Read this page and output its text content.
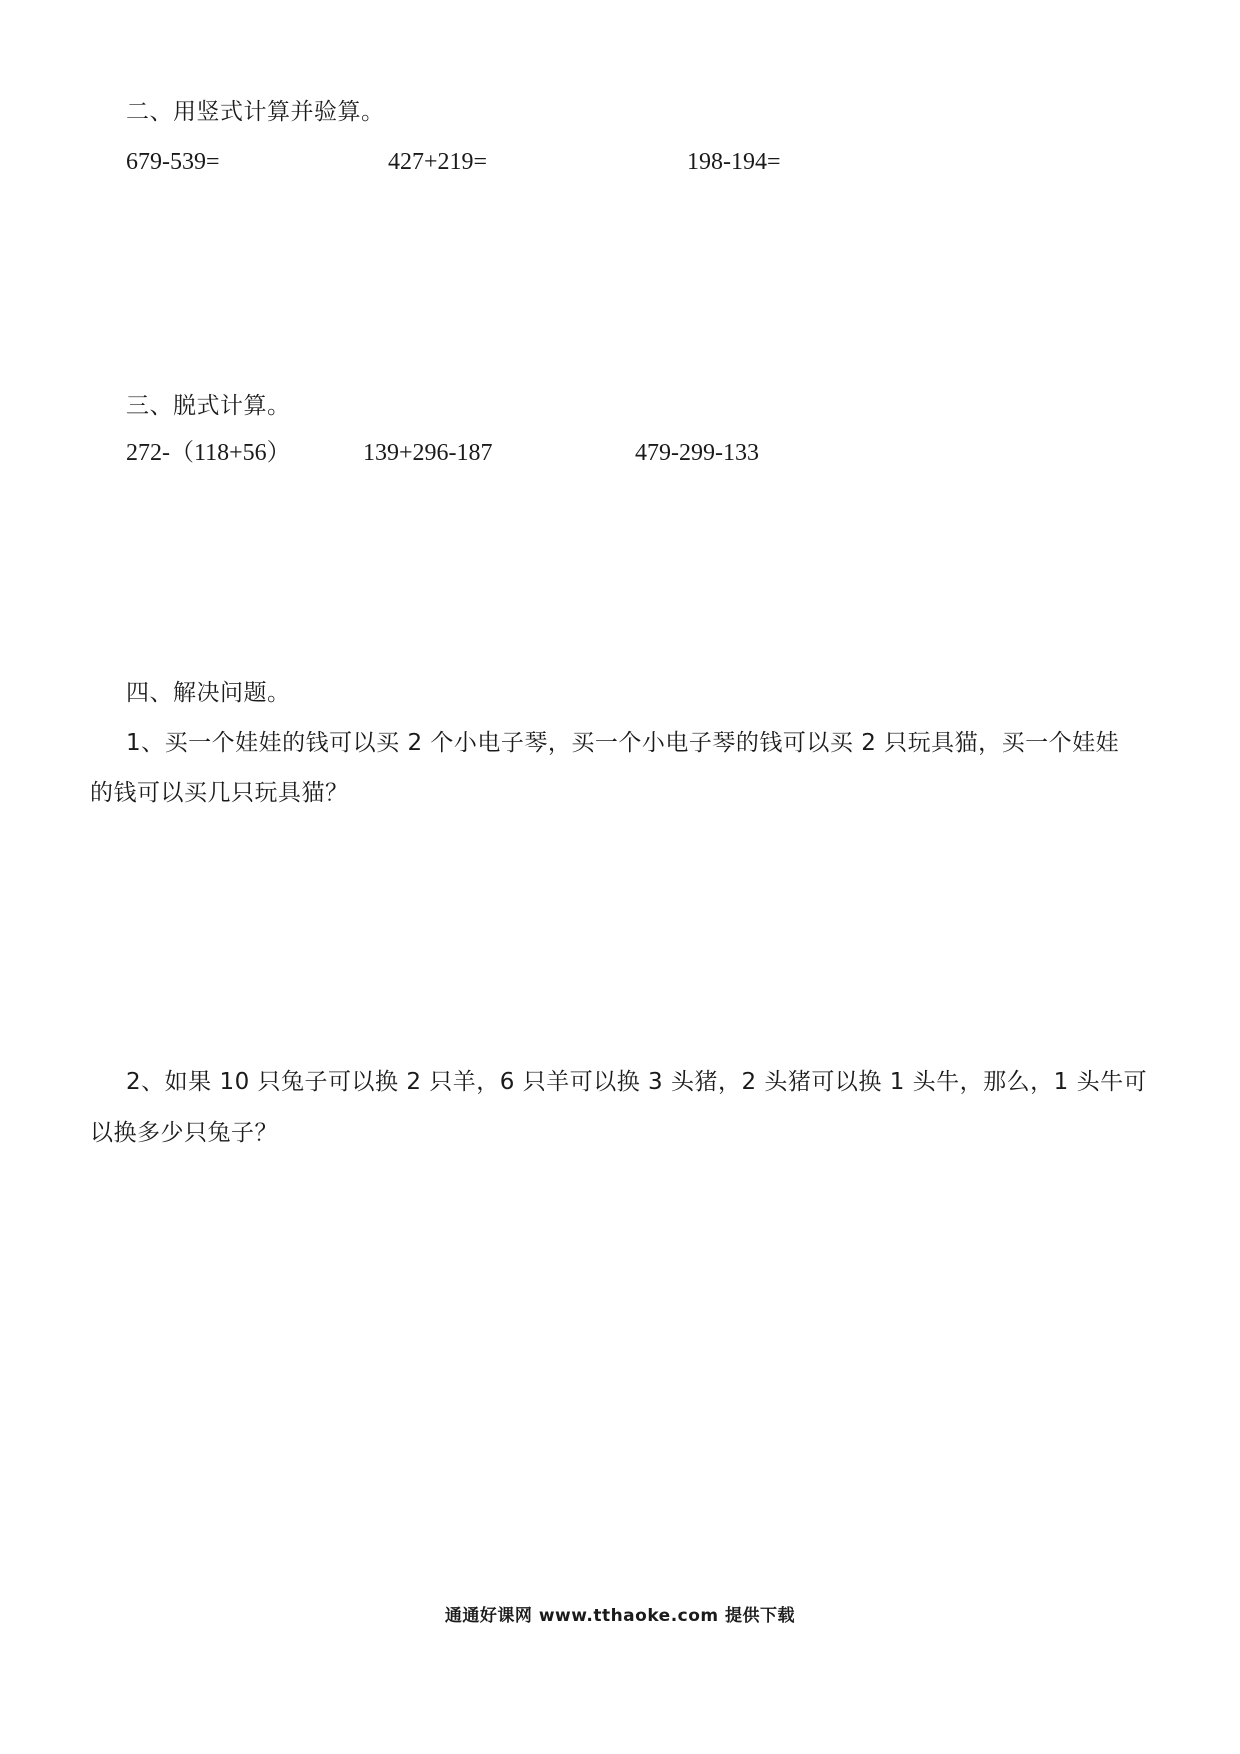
二、用竖式计算并验算。
679-539=	427+219=	198-194=
三、脱式计算。
272-（118+56）	139+296-187	479-299-133
四、解决问题。
1、买一个娃娃的钱可以买 2 个小电子琴，买一个小电子琴的钱可以买 2 只玩具猫，买一个娃娃
的钱可以买几只玩具猫？
2、如果 10 只兔子可以换 2 只羊，6 只羊可以换 3 头猪，2 头猪可以换 1 头牛，那么，1 头牛可
以换多少只兔子？
通通好课网 www.tthaoke.com 提供下载
